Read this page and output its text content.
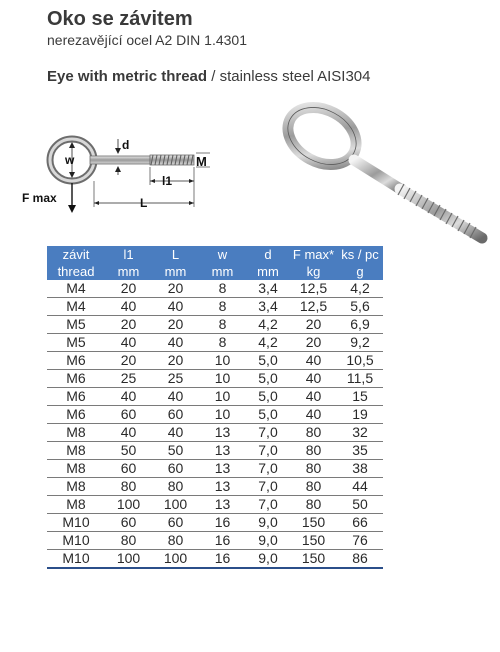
Oko se závitem
nerezavějící ocel A2 DIN 1.4301
Eye with metric thread / stainless steel AISI304
w
d
M
l1
L
F max
závit	l1	L	w	d	F max*	ks / pc
thread	mm	mm	mm	mm	kg	g
M4	20	20	8	3,4	12,5	4,2
M4	40	40	8	3,4	12,5	5,6
M5	20	20	8	4,2	20	6,9
M5	40	40	8	4,2	20	9,2
M6	20	20	10	5,0	40	10,5
M6	25	25	10	5,0	40	11,5
M6	40	40	10	5,0	40	15
M6	60	60	10	5,0	40	19
M8	40	40	13	7,0	80	32
M8	50	50	13	7,0	80	35
M8	60	60	13	7,0	80	38
M8	80	80	13	7,0	80	44
M8	100	100	13	7,0	80	50
M10	60	60	16	9,0	150	66
M10	80	80	16	9,0	150	76
M10	100	100	16	9,0	150	86
